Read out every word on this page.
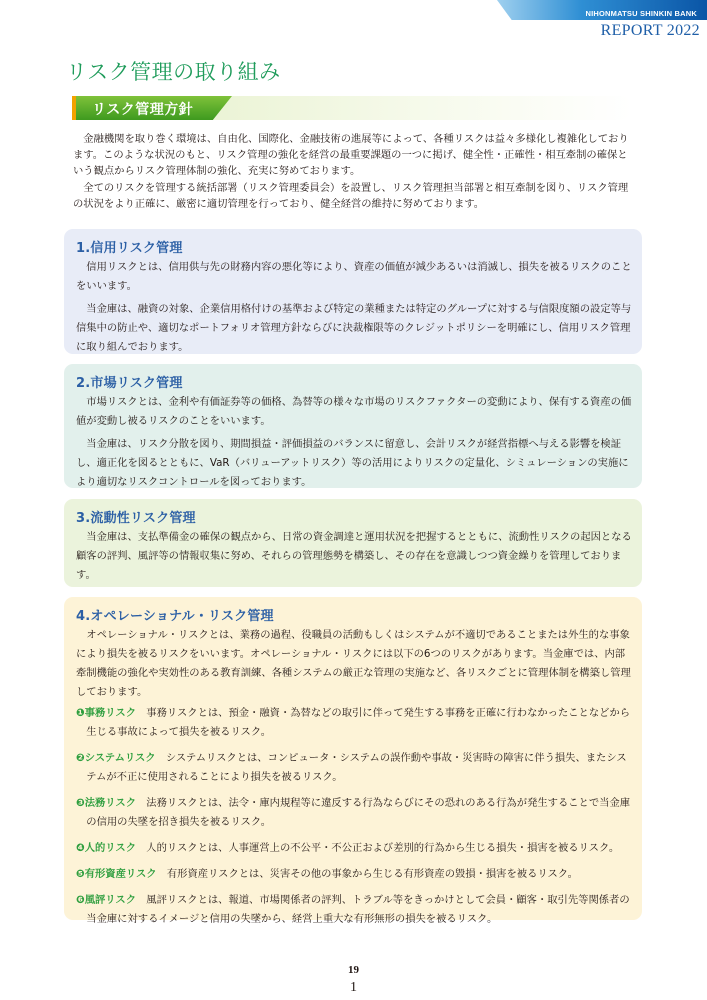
NIHONMATSU SHINKIN BANK
REPORT 2022
リスク管理の取り組み
リスク管理方針

金融機関を取り巻く環境は、自由化、国際化、金融技術の進展等によって、各種リスクは益々多様化し複雑化しております。このような状況のもと、リスク管理の強化を経営の最重要課題の一つに掲げ、健全性・正確性・相互牽制の確保という観点からリスク管理体制の強化、充実に努めております。

全てのリスクを管理する統括部署（リスク管理委員会）を設置し、リスク管理担当部署と相互牽制を図り、リスク管理の状況をより正確に、厳密に適切管理を行っており、健全経営の維持に努めております。

1.信用リスク管理

信用リスクとは、信用供与先の財務内容の悪化等により、資産の価値が減少あるいは消滅し、損失を被るリスクのことをいいます。

当金庫は、融資の対象、企業信用格付けの基準および特定の業種または特定のグループに対する与信限度額の設定等与信集中の防止や、適切なポートフォリオ管理方針ならびに決裁権限等のクレジットポリシーを明確にし、信用リスク管理に取り組んでおります。

2.市場リスク管理

市場リスクとは、金利や有価証券等の価格、為替等の様々な市場のリスクファクターの変動により、保有する資産の価値が変動し被るリスクのことをいいます。

当金庫は、リスク分散を図り、期間損益・評価損益のバランスに留意し、会計リスクが経営指標へ与える影響を検証し、適正化を図るとともに、VaR（バリューアットリスク）等の活用によりリスクの定量化、シミュレーションの実施により適切なリスクコントロールを図っております。

3.流動性リスク管理

当金庫は、支払準備金の確保の観点から、日常の資金調達と運用状況を把握するとともに、流動性リスクの起因となる顧客の評判、風評等の情報収集に努め、それらの管理態勢を構築し、その存在を意識しつつ資金繰りを管理しております。

4.オペレーショナル・リスク管理

オペレーショナル・リスクとは、業務の過程、役職員の活動もしくはシステムが不適切であることまたは外生的な事象により損失を被るリスクをいいます。オペレーショナル・リスクには以下の6つのリスクがあります。当金庫では、内部牽制機能の強化や実効性のある教育訓練、各種システムの厳正な管理の実施など、各リスクごとに管理体制を構築し管理しております。

❶事務リスク 事務リスクとは、預金・融資・為替などの取引に伴って発生する事務を正確に行わなかったことなどから生じる事故によって損失を被るリスク。
❷システムリスク システムリスクとは、コンピュータ・システムの誤作動や事故・災害時の障害に伴う損失、またシステムが不正に使用されることにより損失を被るリスク。
❸法務リスク 法務リスクとは、法令・庫内規程等に違反する行為ならびにその恐れのある行為が発生することで当金庫の信用の失墜を招き損失を被るリスク。
❹人的リスク 人的リスクとは、人事運営上の不公平・不公正および差別的行為から生じる損失・損害を被るリスク。
❺有形資産リスク 有形資産リスクとは、災害その他の事象から生じる有形資産の毀損・損害を被るリスク。
❻風評リスク 風評リスクとは、報道、市場関係者の評判、トラブル等をきっかけとして会員・顧客・取引先等関係者の当金庫に対するイメージと信用の失墜から、経営上重大な有形無形の損失を被るリスク。
19
1
